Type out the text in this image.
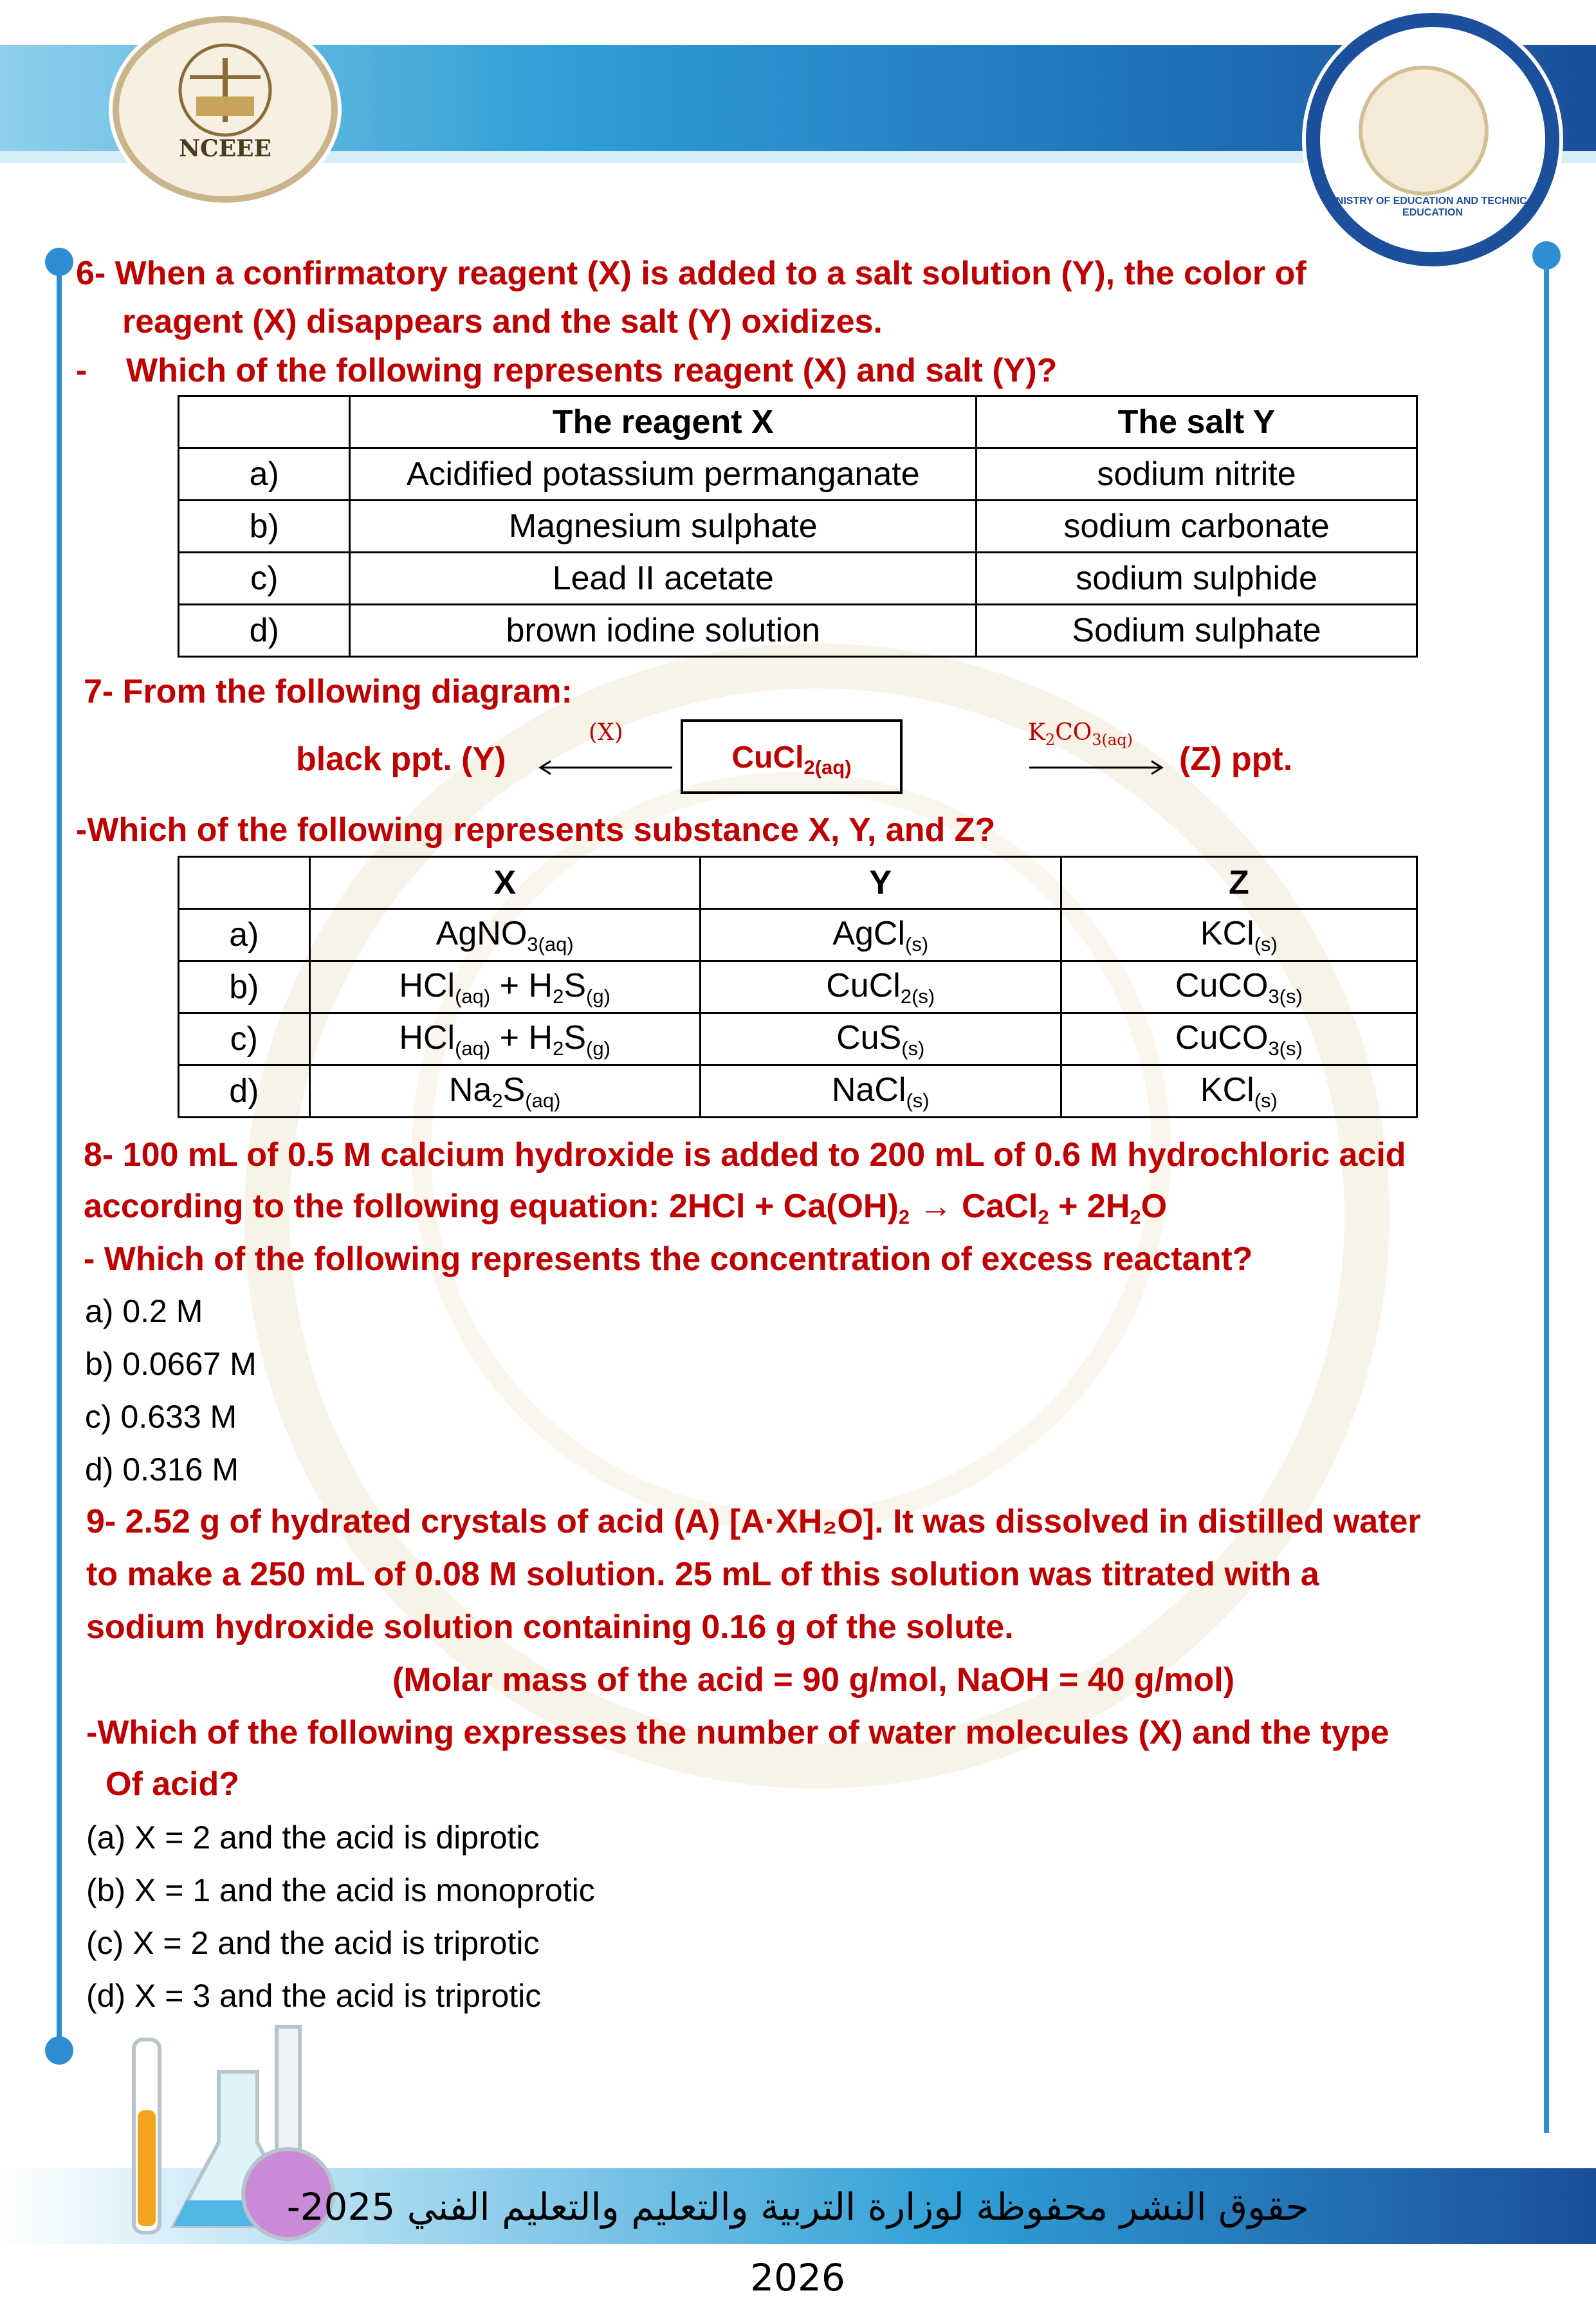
NCEEE
MINISTRY OF EDUCATION AND TECHNICAL EDUCATION
6- When a confirmatory reagent (X) is added to a salt solution (Y), the color of
reagent (X) disappears and the salt (Y) oxidizes.
- Which of the following represents reagent (X) and salt (Y)?
	The reagent X	The salt Y
a)	Acidified potassium permanganate	sodium nitrite
b)	Magnesium sulphate	sodium carbonate
c)	Lead II acetate	sodium sulphide
d)	brown iodine solution	Sodium sulphate
7- From the following diagram:
black ppt. (Y)
(X)
CuCl$_{2(aq)}$
$K_2CO_{3(aq)}$
(Z) ppt.
-Which of the following represents substance X, Y, and Z?
	X	Y	Z
a)	AgNO$_{3(aq)}$	AgCl$_{(s)}$	KCl$_{(s)}$
b)	$HCl_{(aq)} + H_2S_{(g)}$	CuCl$_{2(s)}$	CuCO$_{3(s)}$
c)	$HCl_{(aq)} + H_2S_{(g)}$	CuS$_{(s)}$	CuCO$_{3(s)}$
d)	$Na_2S_{(aq)}$	NaCl$_{(s)}$	KCl$_{(s)}$
8- 100 mL of 0.5 M calcium hydroxide is added to 200 mL of 0.6 M hydrochloric acid
according to the following equation: $2HCl + Ca(OH)_2$ → CaCl$_2$ + $2H_2O$
- Which of the following represents the concentration of excess reactant?
a) 0.2 M
b) 0.0667 M
c) 0.633 M
d) 0.316 M
9- 2.52 g of hydrated crystals of acid (A) [A·XH₂O]. It was dissolved in distilled water
to make a 250 mL of 0.08 M solution. 25 mL of this solution was titrated with a
sodium hydroxide solution containing 0.16 g of the solute.
(Molar mass of the acid = 90 g/mol, NaOH = 40 g/mol)
-Which of the following expresses the number of water molecules (X) and the type
Of acid?
(a) X = 2 and the acid is diprotic
(b) X = 1 and the acid is monoprotic
(c) X = 2 and the acid is triprotic
(d) X = 3 and the acid is triprotic
حقوق النشر محفوظة لوزارة التربية والتعليم والتعليم الفني 2025-2026
